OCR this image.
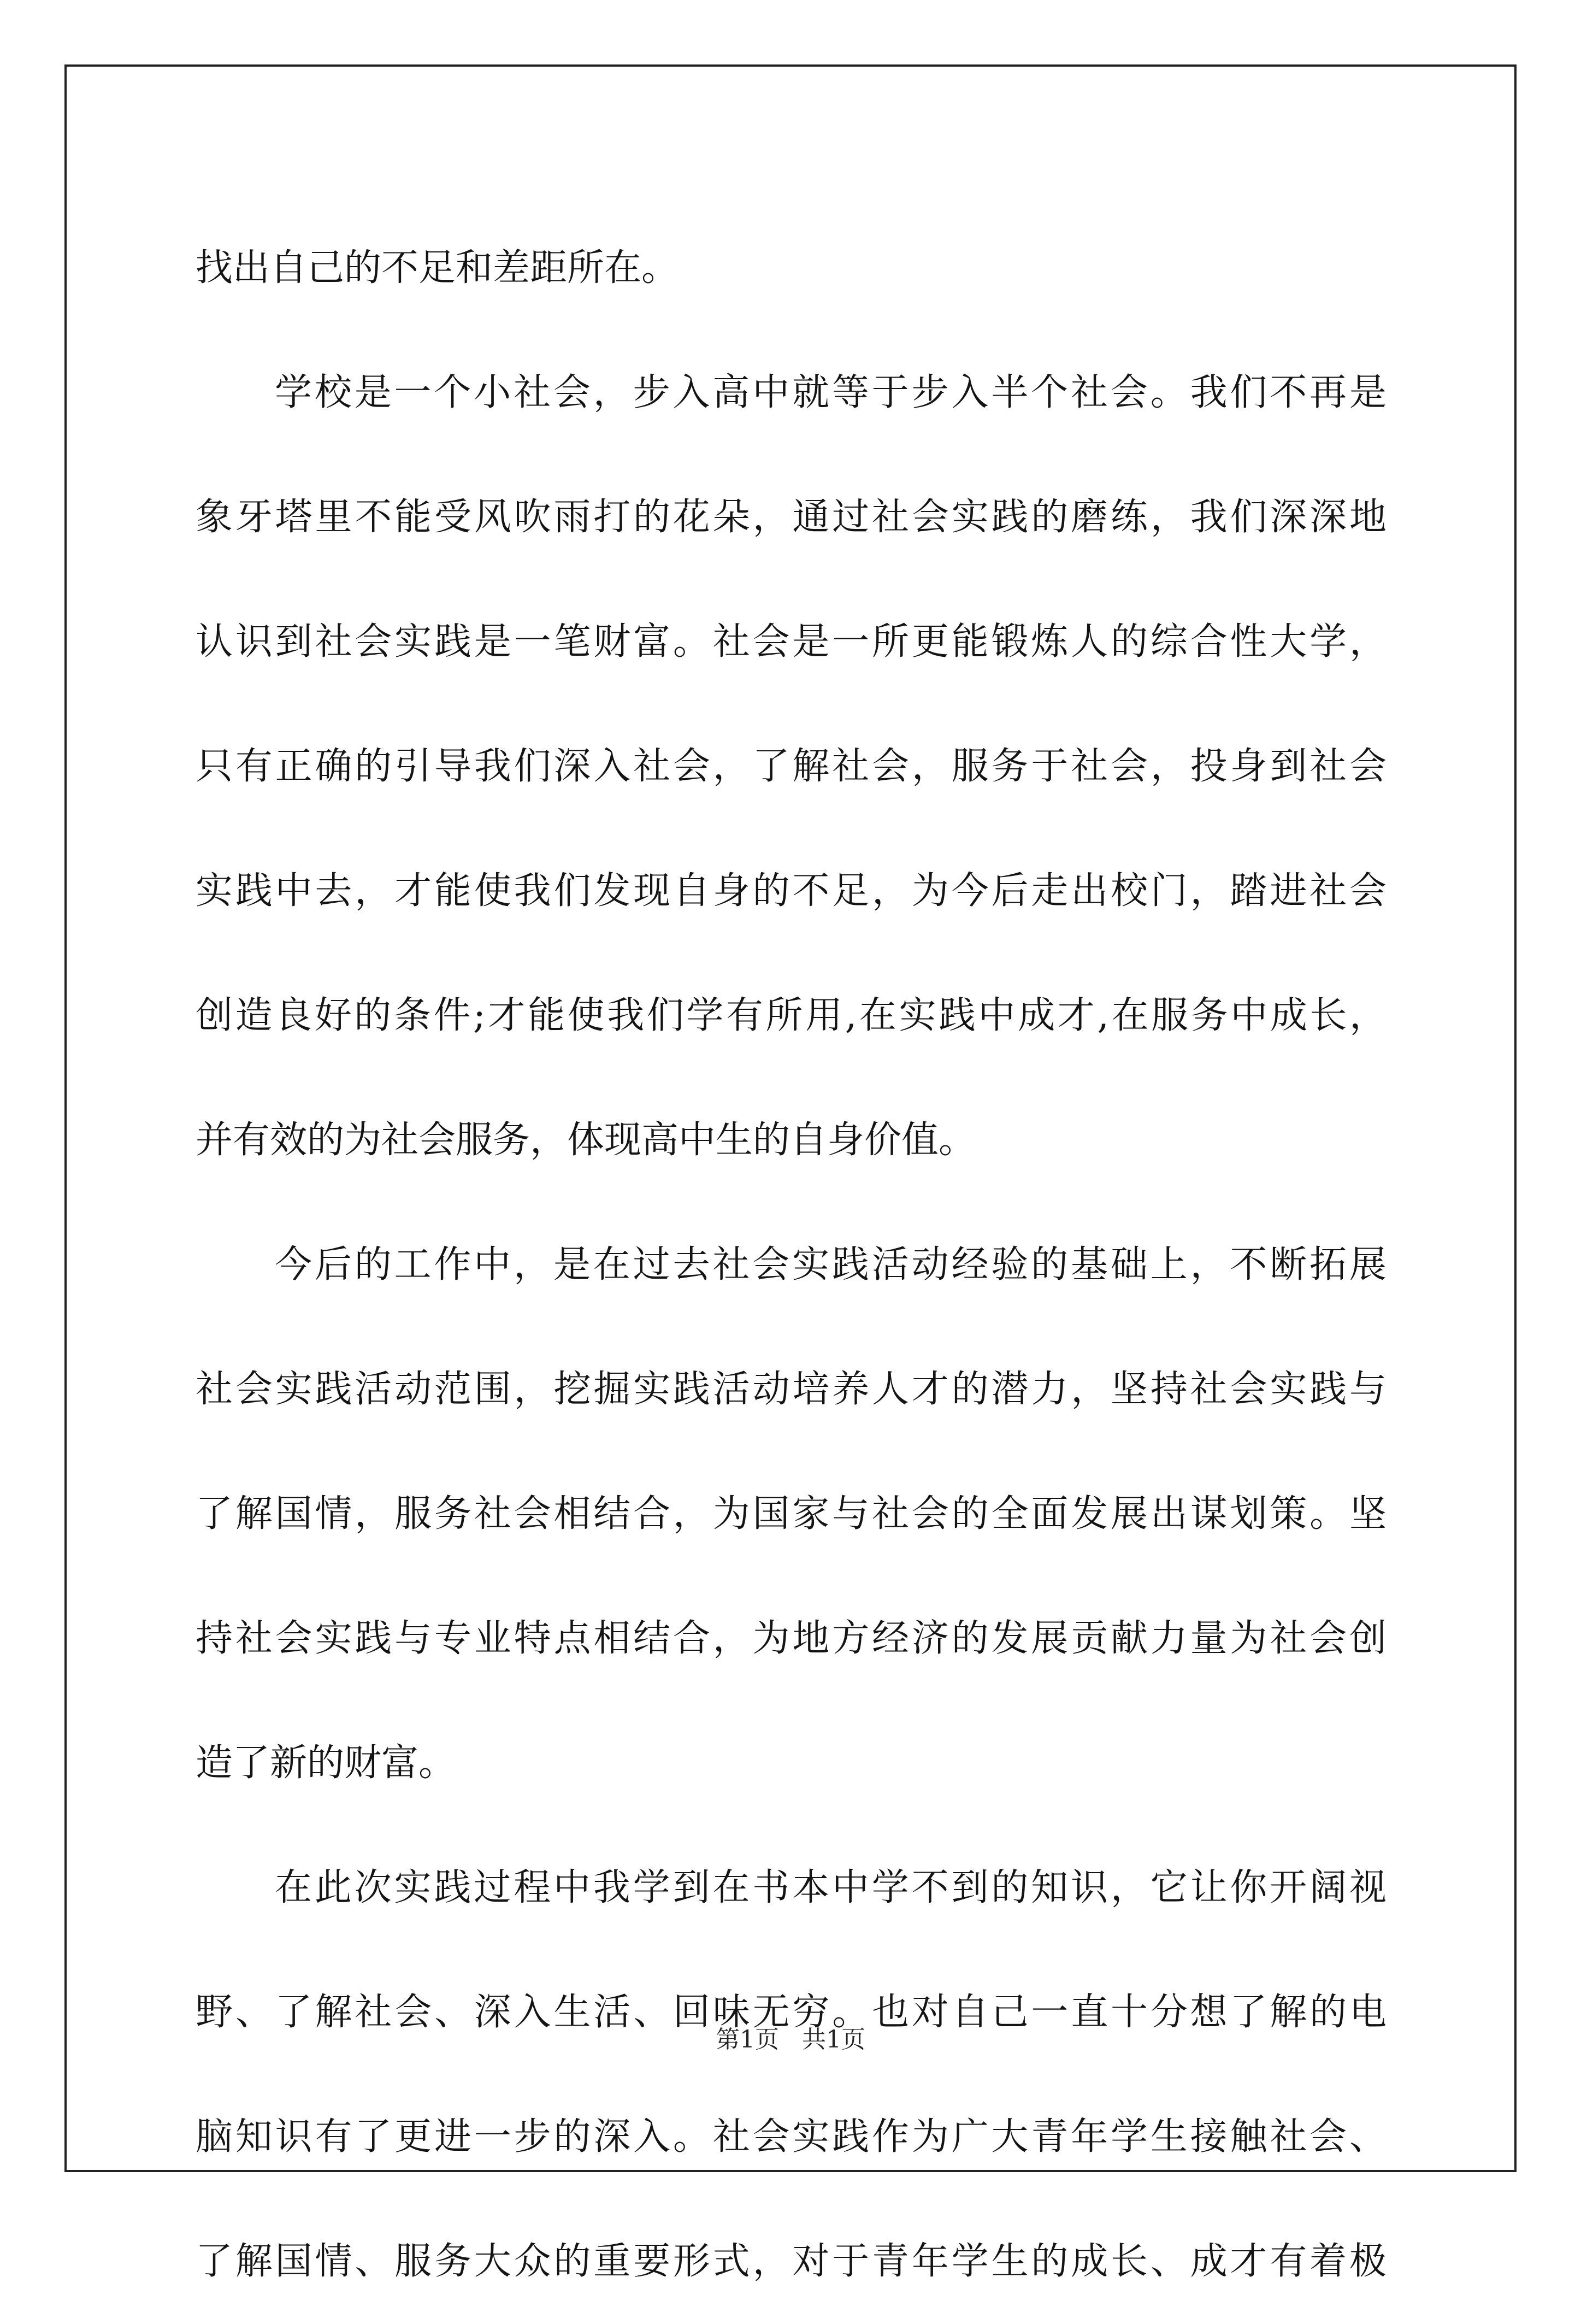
找出自己的不足和差距所在。
学校是一个小社会，步入高中就等于步入半个社会。我们不再是
象牙塔里不能受风吹雨打的花朵，通过社会实践的磨练，我们深深地
认识到社会实践是一笔财富。社会是一所更能锻炼人的综合性大学，
只有正确的引导我们深入社会，了解社会，服务于社会，投身到社会
实践中去，才能使我们发现自身的不足，为今后走出校门，踏进社会
创造良好的条件;才能使我们学有所用,在实践中成才,在服务中成长，
并有效的为社会服务，体现高中生的自身价值。
今后的工作中，是在过去社会实践活动经验的基础上，不断拓展
社会实践活动范围，挖掘实践活动培养人才的潜力，坚持社会实践与
了解国情，服务社会相结合，为国家与社会的全面发展出谋划策。坚
持社会实践与专业特点相结合，为地方经济的发展贡献力量为社会创
造了新的财富。
在此次实践过程中我学到在书本中学不到的知识，它让你开阔视
野、了解社会、深入生活、回味无穷。也对自己一直十分想了解的电
脑知识有了更进一步的深入。社会实践作为广大青年学生接触社会、
了解国情、服务大众的重要形式，对于青年学生的成长、成才有着极
第1页 共1页
